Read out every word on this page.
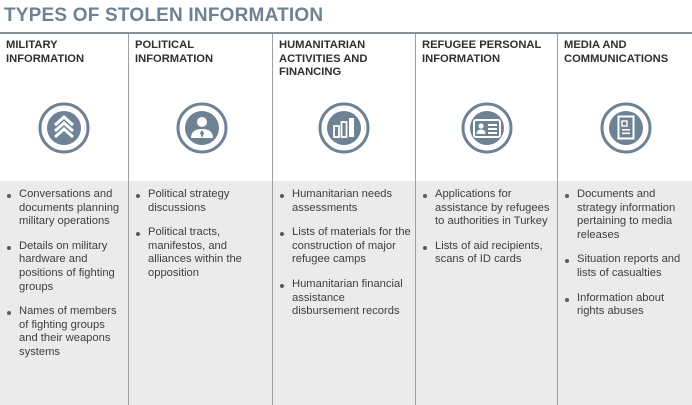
TYPES OF STOLEN INFORMATION
MILITARY INFORMATION
Conversations and documents planning military operations
Details on military hardware and positions of fighting groups
Names of members of fighting groups and their weapons systems
POLITICAL INFORMATION
Political strategy discussions
Political tracts, manifestos, and alliances within the opposition
HUMANITARIAN ACTIVITIES AND FINANCING
Humanitarian needs assessments
Lists of materials for the construction of major refugee camps
Humanitarian financial assistance disbursement records
REFUGEE PERSONAL INFORMATION
Applications for assistance by refugees to authorities in Turkey
Lists of aid recipients, scans of ID cards
MEDIA AND COMMUNICATIONS
Documents and strategy information pertaining to media releases
Situation reports and lists of casualties
Information about rights abuses
